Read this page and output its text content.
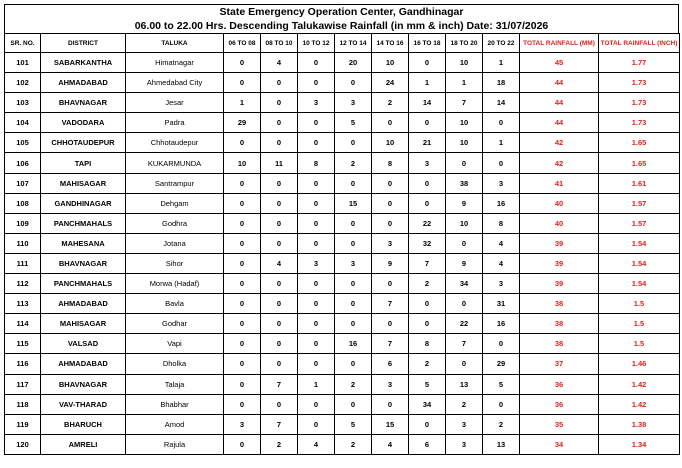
State Emergency Operation Center, Gandhinagar
06.00 to 22.00 Hrs. Descending Talukawise Rainfall (in mm & inch) Date: 31/07/2026
SR. NO.	DISTRICT	TALUKA	06 TO 08	08 TO 10	10 TO 12	12 TO 14	14 TO 16	16 TO 18	18 TO 20	20 TO 22	TOTAL RAINFALL (MM)	TOTAL RAINFALL (INCH)
101	SABARKANTHA	Himatnagar	0	4	0	20	10	0	10	1	45	1.77
102	AHMADABAD	Ahmedabad City	0	0	0	0	24	1	1	18	44	1.73
103	BHAVNAGAR	Jesar	1	0	3	3	2	14	7	14	44	1.73
104	VADODARA	Padra	29	0	0	5	0	0	10	0	44	1.73
105	CHHOTAUDEPUR	Chhotaudepur	0	0	0	0	10	21	10	1	42	1.65
106	TAPI	KUKARMUNDA	10	11	8	2	8	3	0	0	42	1.65
107	MAHISAGAR	Santrampur	0	0	0	0	0	0	38	3	41	1.61
108	GANDHINAGAR	Dehgam	0	0	0	15	0	0	9	16	40	1.57
109	PANCHMAHALS	Godhra	0	0	0	0	0	22	10	8	40	1.57
110	MAHESANA	Jotana	0	0	0	0	3	32	0	4	39	1.54
111	BHAVNAGAR	Sihor	0	4	3	3	9	7	9	4	39	1.54
112	PANCHMAHALS	Morwa (Hadaf)	0	0	0	0	0	2	34	3	39	1.54
113	AHMADABAD	Bavla	0	0	0	0	7	0	0	31	38	1.5
114	MAHISAGAR	Godhar	0	0	0	0	0	0	22	16	38	1.5
115	VALSAD	Vapi	0	0	0	16	7	8	7	0	38	1.5
116	AHMADABAD	Dholka	0	0	0	0	6	2	0	29	37	1.46
117	BHAVNAGAR	Talaja	0	7	1	2	3	5	13	5	36	1.42
118	VAV-THARAD	Bhabhar	0	0	0	0	0	34	2	0	36	1.42
119	BHARUCH	Amod	3	7	0	5	15	0	3	2	35	1.38
120	AMRELI	Rajula	0	2	4	2	4	6	3	13	34	1.34
